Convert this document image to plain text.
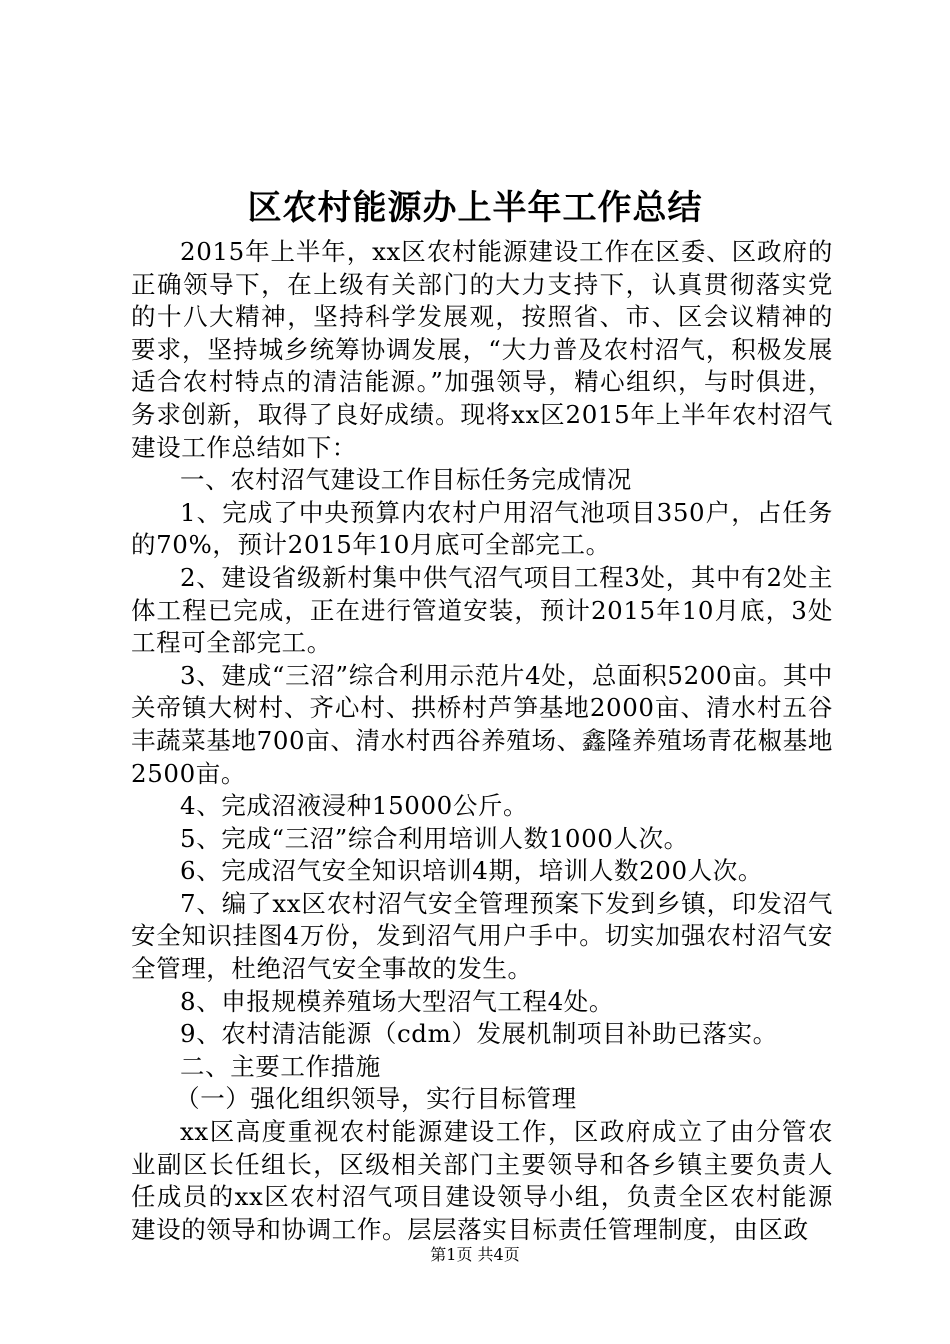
区农村能源办上半年工作总结

2015年上半年，xx区农村能源建设工作在区委、区政府的正确领导下，在上级有关部门的大力支持下，认真贯彻落实党的十八大精神，坚持科学发展观，按照省、市、区会议精神的要求，坚持城乡统筹协调发展，“大力普及农村沼气，积极发展适合农村特点的清洁能源。”加强领导，精心组织，与时俱进，务求创新，取得了良好成绩。现将xx区2015年上半年农村沼气建设工作总结如下：

一、农村沼气建设工作目标任务完成情况

1、完成了中央预算内农村户用沼气池项目350户，占任务的70%，预计2015年10月底可全部完工。

2、建设省级新村集中供气沼气项目工程3处，其中有2处主体工程已完成，正在进行管道安装，预计2015年10月底，3处工程可全部完工。

3、建成“三沼”综合利用示范片4处，总面积5200亩。其中关帝镇大树村、齐心村、拱桥村芦笋基地2000亩、清水村五谷丰蔬菜基地700亩、清水村西谷养殖场、鑫隆养殖场青花椒基地2500亩。

4、完成沼液浸种15000公斤。

5、完成“三沼”综合利用培训人数1000人次。

6、完成沼气安全知识培训4期，培训人数200人次。

7、编了xx区农村沼气安全管理预案下发到乡镇，印发沼气安全知识挂图4万份，发到沼气用户手中。切实加强农村沼气安全管理，杜绝沼气安全事故的发生。

8、申报规模养殖场大型沼气工程4处。

9、农村清洁能源（cdm）发展机制项目补助已落实。

二、主要工作措施

（一）强化组织领导，实行目标管理

xx区高度重视农村能源建设工作，区政府成立了由分管农业副区长任组长，区级相关部门主要领导和各乡镇主要负责人任成员的xx区农村沼气项目建设领导小组，负责全区农村能源建设的领导和协调工作。层层落实目标责任管理制度，由区政

第1页 共4页
